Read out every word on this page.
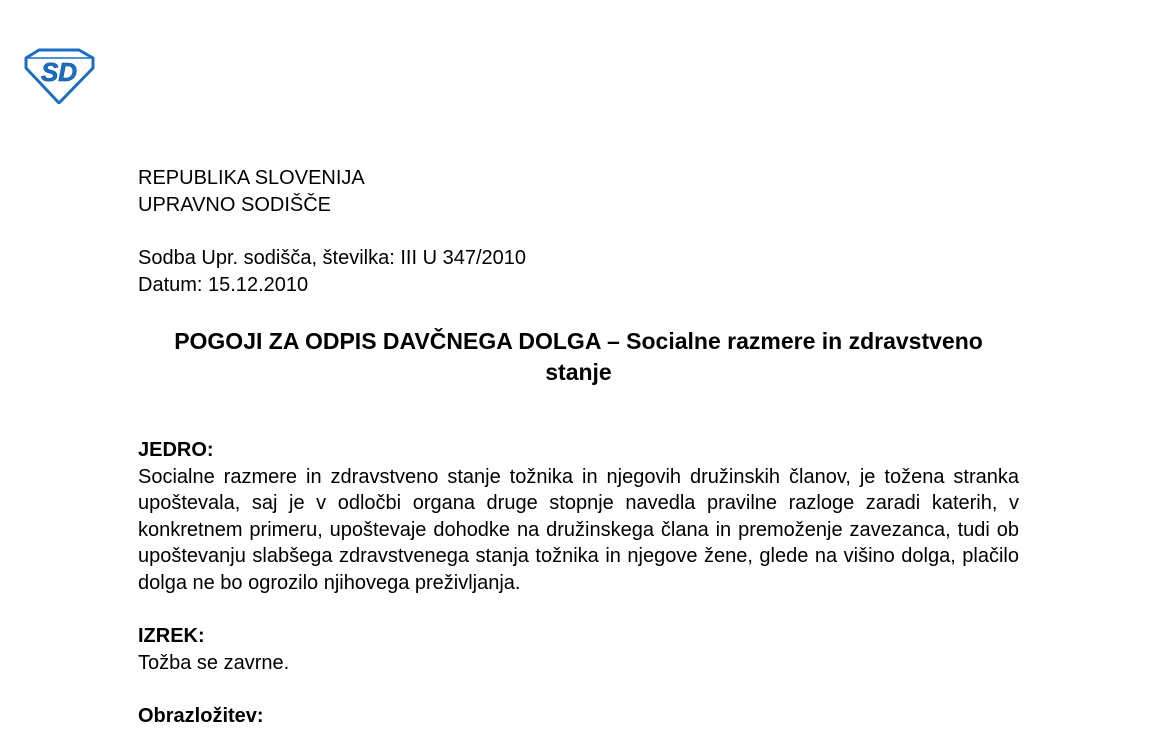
SD
REPUBLIKA SLOVENIJA
UPRAVNO SODIŠČE
Sodba Upr. sodišča, številka: III U 347/2010
Datum: 15.12.2010
POGOJI ZA ODPIS DAVČNEGA DOLGA – Socialne razmere in zdravstveno stanje
JEDRO:
Socialne razmere in zdravstveno stanje tožnika in njegovih družinskih članov, je tožena stranka upoštevala, saj je v odločbi organa druge stopnje navedla pravilne razloge zaradi katerih, v konkretnem primeru, upoštevaje dohodke na družinskega člana in premoženje zavezanca, tudi ob upoštevanju slabšega zdravstvenega stanja tožnika in njegove žene, glede na višino dolga, plačilo dolga ne bo ogrozilo njihovega preživljanja.
IZREK:
Tožba se zavrne.
Obrazložitev:
